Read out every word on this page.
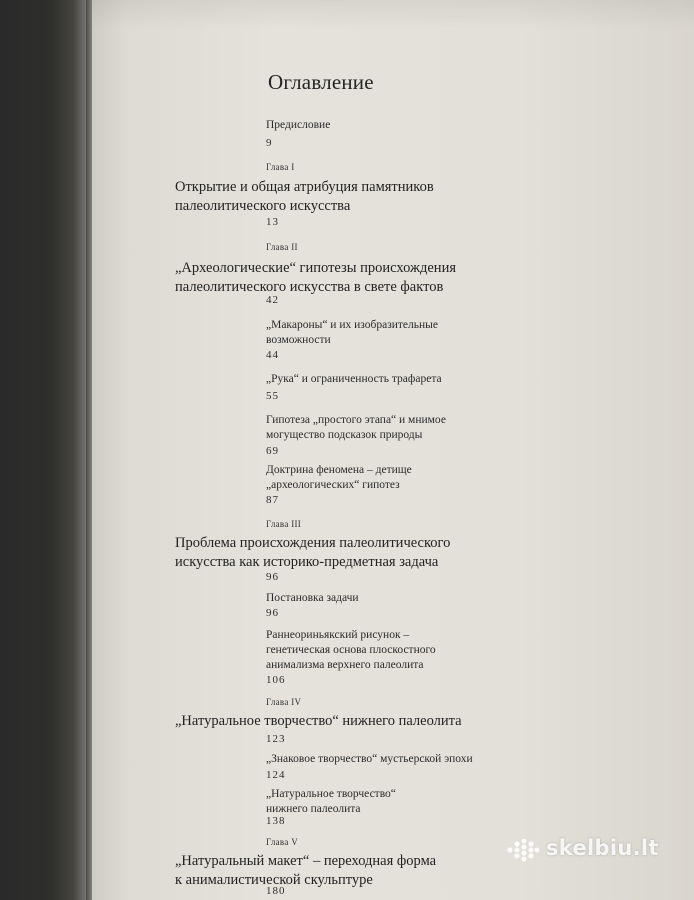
Оглавление
Предисловие
9
Глава I
Открытие и общая атрибуция памятников
палеолитического искусства
13
Глава II
„Археологические“ гипотезы происхождения
палеолитического искусства в свете фактов
42
„Макароны“ и их изобразительные
возможности
44
„Рука“ и ограниченность трафарета
55
Гипотеза „простого этапа“ и мнимое
могущество подсказок природы
69
Доктрина феномена – детище
„археологических“ гипотез
87
Глава III
Проблема происхождения палеолитического
искусства как историко-предметная задача
96
Постановка задачи
96
Раннеориньякский рисунок –
генетическая основа плоскостного
анимализма верхнего палеолита
106
Глава IV
„Натуральное творчество“ нижнего палеолита
123
„Знаковое творчество“ мустьерской эпохи
124
„Натуральное творчество“
нижнего палеолита
138
Глава V
„Натуральный макет“ – переходная форма
к анималистической скульптуре
180
skelbiu.lt
